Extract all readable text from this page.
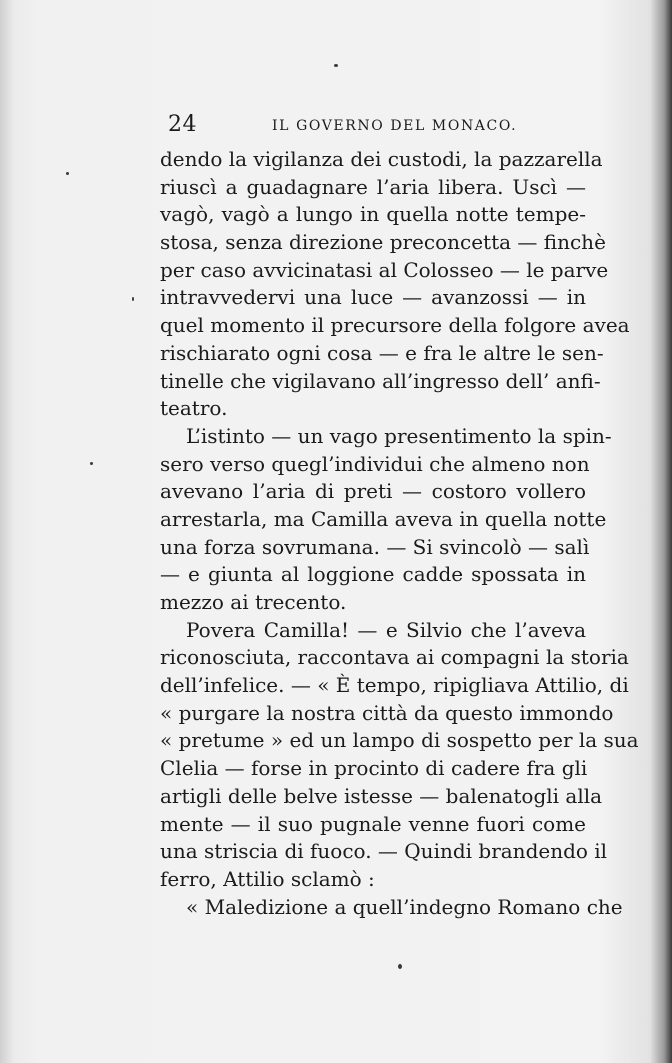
24	IL GOVERNO DEL MONACO.
dendo la vigilanza dei custodi, la pazzarella
riuscì a guadagnare l’aria libera. Uscì —
vagò, vagò a lungo in quella notte tempe-
stosa, senza direzione preconcetta — finchè
per caso avvicinatasi al Colosseo — le parve
intravvedervi una luce — avanzossi — in
quel momento il precursore della folgore avea
rischiarato ogni cosa — e fra le altre le sen-
tinelle che vigilavano all’ingresso dell’ anfi-
teatro.
L’istinto — un vago presentimento la spin-
sero verso quegl’individui che almeno non
avevano l’aria di preti — costoro vollero
arrestarla, ma Camilla aveva in quella notte
una forza sovrumana. — Si svincolò — salì
— e giunta al loggione cadde spossata in
mezzo ai trecento.
Povera Camilla! — e Silvio che l’aveva
riconosciuta, raccontava ai compagni la storia
dell’infelice. — « È tempo, ripigliava Attilio, di
« purgare la nostra città da questo immondo
« pretume » ed un lampo di sospetto per la sua
Clelia — forse in procinto di cadere fra gli
artigli delle belve istesse — balenatogli alla
mente — il suo pugnale venne fuori come
una striscia di fuoco. — Quindi brandendo il
ferro, Attilio sclamò :
« Maledizione a quell’indegno Romano che
